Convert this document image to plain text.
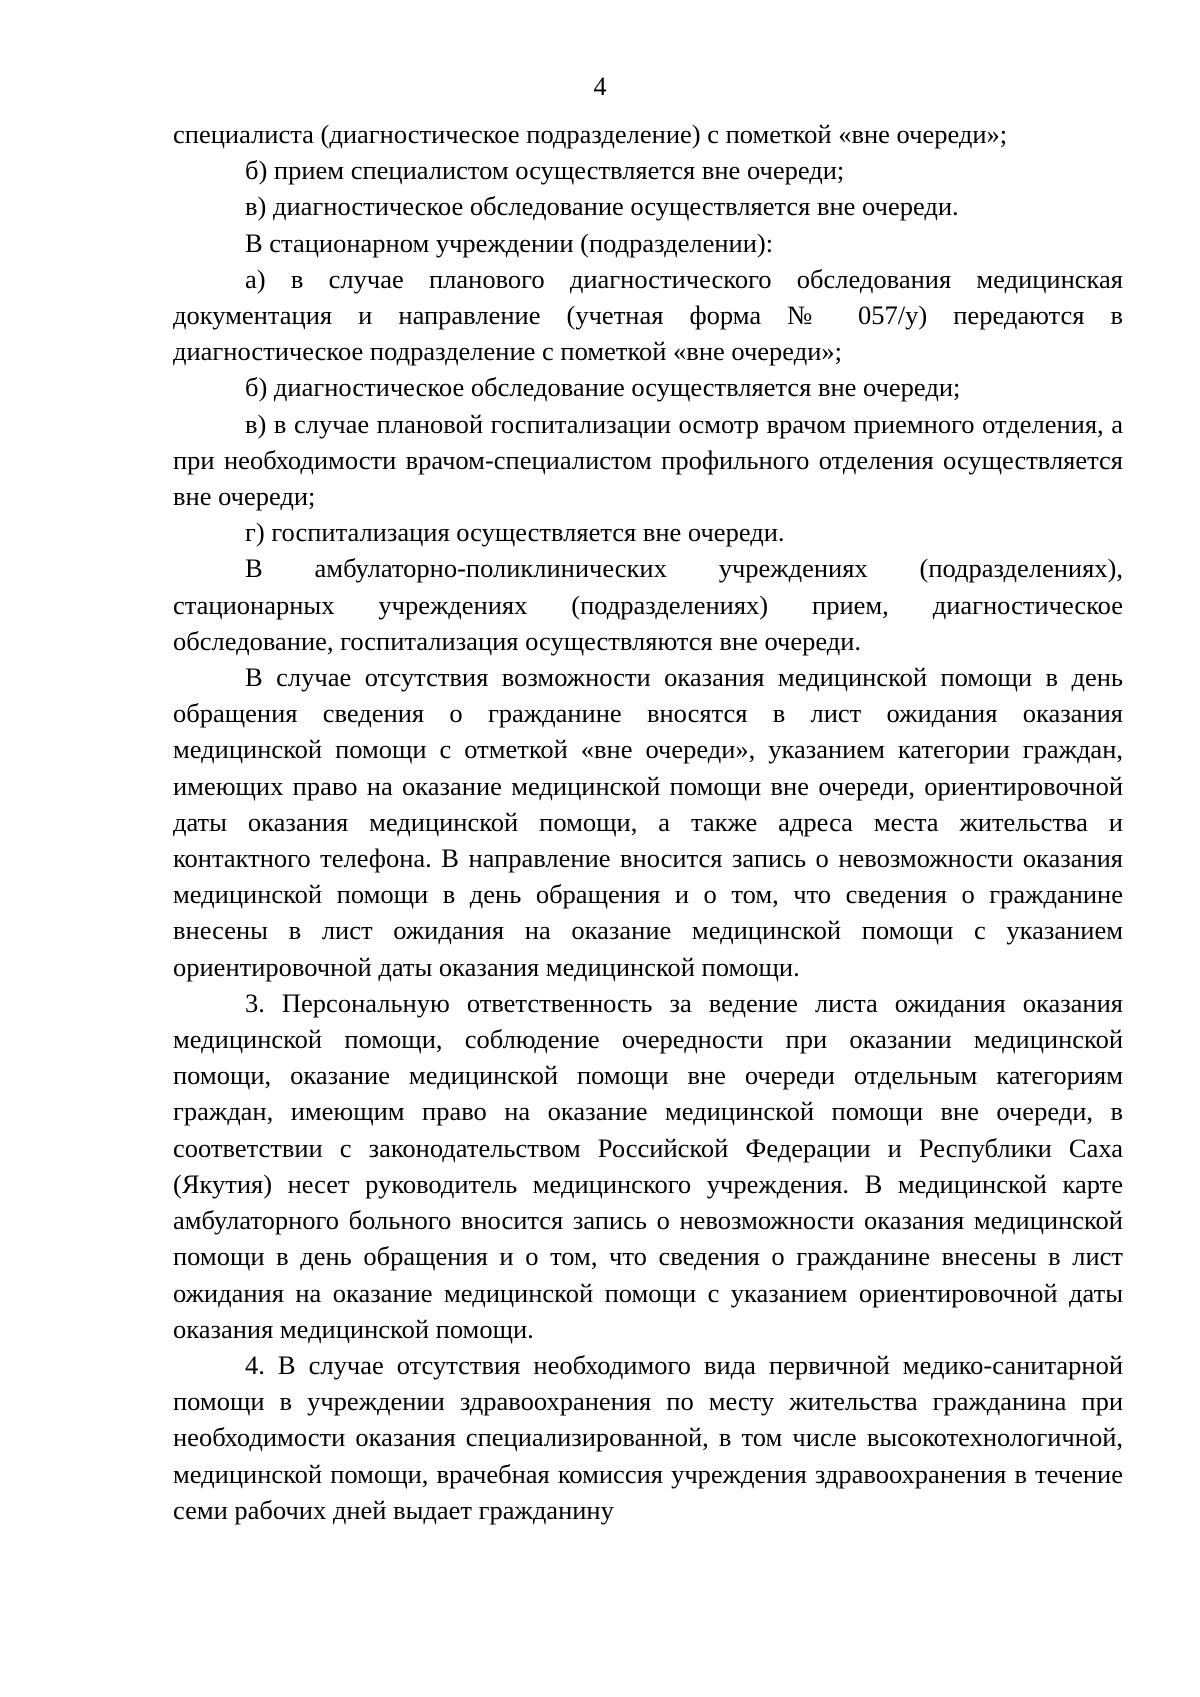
4

специалиста (диагностическое подразделение) с пометкой «вне очереди»;

б) прием специалистом осуществляется вне очереди;

в) диагностическое обследование осуществляется вне очереди.

В стационарном учреждении (подразделении):

а) в случае планового диагностического обследования медицинская документация и направление (учетная форма № 057/у) передаются в диагностическое подразделение с пометкой «вне очереди»;

б) диагностическое обследование осуществляется вне очереди;

в) в случае плановой госпитализации осмотр врачом приемного отделения, а при необходимости врачом-специалистом профильного отделения осуществляется вне очереди;

г) госпитализация осуществляется вне очереди.

В амбулаторно-поликлинических учреждениях (подразделениях), стационарных учреждениях (подразделениях) прием, диагностическое обследование, госпитализация осуществляются вне очереди.

В случае отсутствия возможности оказания медицинской помощи в день обращения сведения о гражданине вносятся в лист ожидания оказания медицинской помощи с отметкой «вне очереди», указанием категории граждан, имеющих право на оказание медицинской помощи вне очереди, ориентировочной даты оказания медицинской помощи, а также адреса места жительства и контактного телефона. В направление вносится запись о невозможности оказания медицинской помощи в день обращения и о том, что сведения о гражданине внесены в лист ожидания на оказание медицинской помощи с указанием ориентировочной даты оказания медицинской помощи.

3. Персональную ответственность за ведение листа ожидания оказания медицинской помощи, соблюдение очередности при оказании медицинской помощи, оказание медицинской помощи вне очереди отдельным категориям граждан, имеющим право на оказание медицинской помощи вне очереди, в соответствии с законодательством Российской Федерации и Республики Саха (Якутия) несет руководитель медицинского учреждения. В медицинской карте амбулаторного больного вносится запись о невозможности оказания медицинской помощи в день обращения и о том, что сведения о гражданине внесены в лист ожидания на оказание медицинской помощи с указанием ориентировочной даты оказания медицинской помощи.

4. В случае отсутствия необходимого вида первичной медико-санитарной помощи в учреждении здравоохранения по месту жительства гражданина при необходимости оказания специализированной, в том числе высокотехнологичной, медицинской помощи, врачебная комиссия учреждения здравоохранения в течение семи рабочих дней выдает гражданину
